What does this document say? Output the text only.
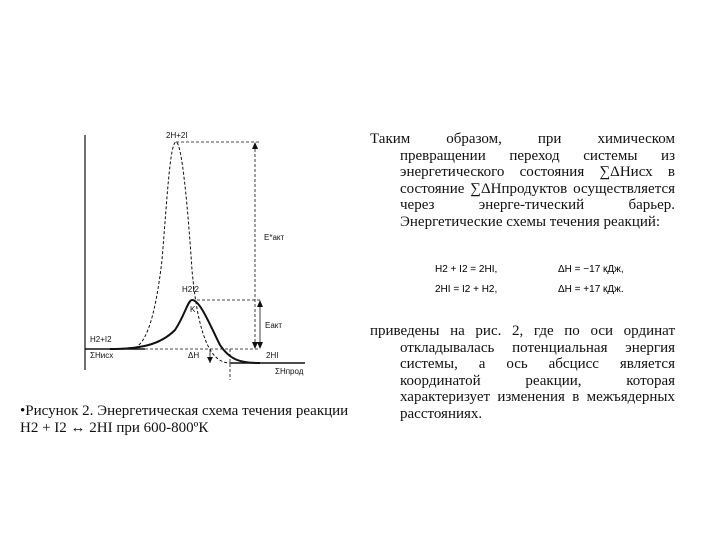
2H+2I
E*акт
H2I2
K
H2+I2
ΣHисх
Eакт
ΔH	2HI
ΣHпрод
•Рисунок 2. Энергетическая схема течения реакции H2 + I2 ↔ 2HI при 600-800ºК
Таким образом, при химическом
превращении переход системы из энергетического состояния ∑ΔHисх в состояние ∑ΔHпродуктов осуществляется через энерге-тический барьер. Энергетические схемы течения реакций:
H2 + I2 = 2HI,	ΔH = −17 кДж,
2HI = I2 + H2,	ΔH = +17 кДж.
приведены на рис. 2, где по оси ординат
откладывалась потенциальная энергия системы, а ось абсцисс является координатой реакции, которая характеризует изменения в межъядерных расстояниях.
